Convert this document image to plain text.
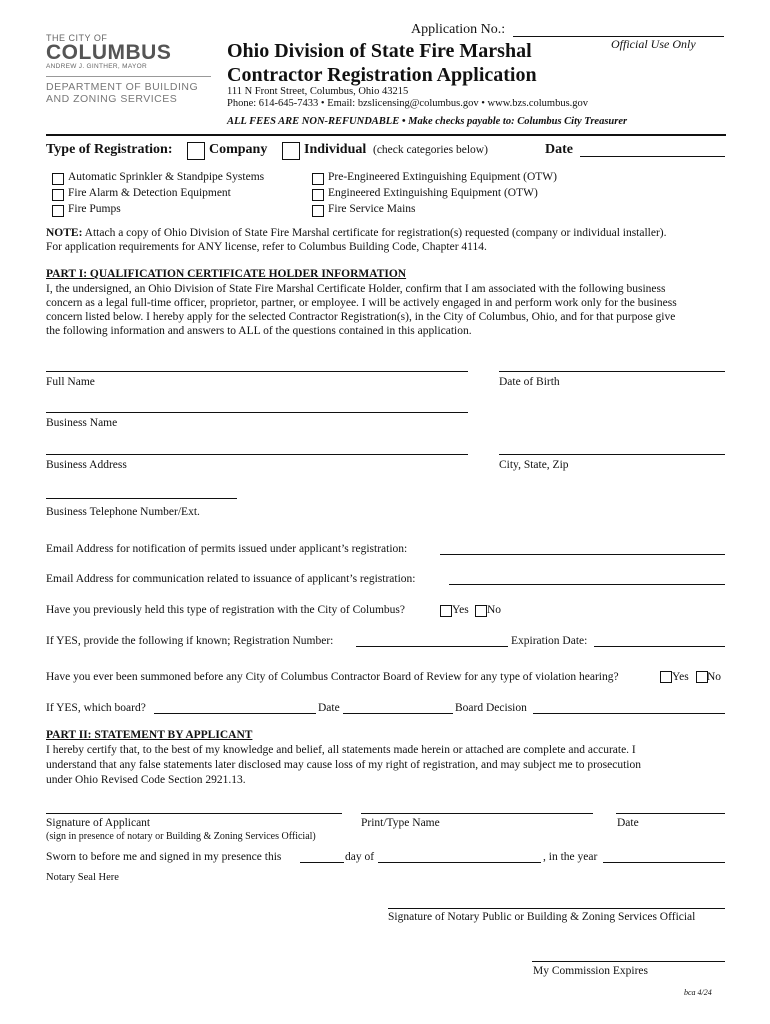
THE CITY OF
COLUMBUS
ANDREW J. GINTHER, MAYOR
DEPARTMENT OF BUILDING
AND ZONING SERVICES
Application No.:
Official Use Only
Ohio Division of State Fire Marshal
Contractor Registration Application
111 N Front Street, Columbus, Ohio 43215
Phone: 614-645-7433 • Email: bzslicensing@columbus.gov • www.bzs.columbus.gov
ALL FEES ARE NON-REFUNDABLE • Make checks payable to: Columbus City Treasurer
Type of Registration:	Company	Individual (check categories below)	Date
Automatic Sprinkler & Standpipe Systems
Fire Alarm & Detection Equipment
Fire Pumps
Pre-Engineered Extinguishing Equipment (OTW)
Engineered Extinguishing Equipment (OTW)
Fire Service Mains
NOTE: Attach a copy of Ohio Division of State Fire Marshal certificate for registration(s) requested (company or individual installer).
For application requirements for ANY license, refer to Columbus Building Code, Chapter 4114.
PART I: QUALIFICATION CERTIFICATE HOLDER INFORMATION
I, the undersigned, an Ohio Division of State Fire Marshal Certificate Holder, confirm that I am associated with the following business
concern as a legal full-time officer, proprietor, partner, or employee. I will be actively engaged in and perform work only for the business
concern listed below. I hereby apply for the selected Contractor Registration(s), in the City of Columbus, Ohio, and for that purpose give
the following information and answers to ALL of the questions contained in this application.
Full Name	Date of Birth
Business Name
Business Address	City, State, Zip
Business Telephone Number/Ext.
Email Address for notification of permits issued under applicant’s registration:
Email Address for communication related to issuance of applicant’s registration:
Have you previously held this type of registration with the City of Columbus?	Yes No
If YES, provide the following if known; Registration Number:	Expiration Date:
Have you ever been summoned before any City of Columbus Contractor Board of Review for any type of violation hearing?	Yes No
If YES, which board?	Date	Board Decision
PART II: STATEMENT BY APPLICANT
I hereby certify that, to the best of my knowledge and belief, all statements made herein or attached are complete and accurate. I
understand that any false statements later disclosed may cause loss of my right of registration, and may subject me to prosecution
under Ohio Revised Code Section 2921.13.
Signature of Applicant
(sign in presence of notary or Building & Zoning Services Official)
Print/Type Name	Date
Sworn to before me and signed in my presence this	day of	, in the year
Notary Seal Here
Signature of Notary Public or Building & Zoning Services Official
My Commission Expires
bca 4/24
